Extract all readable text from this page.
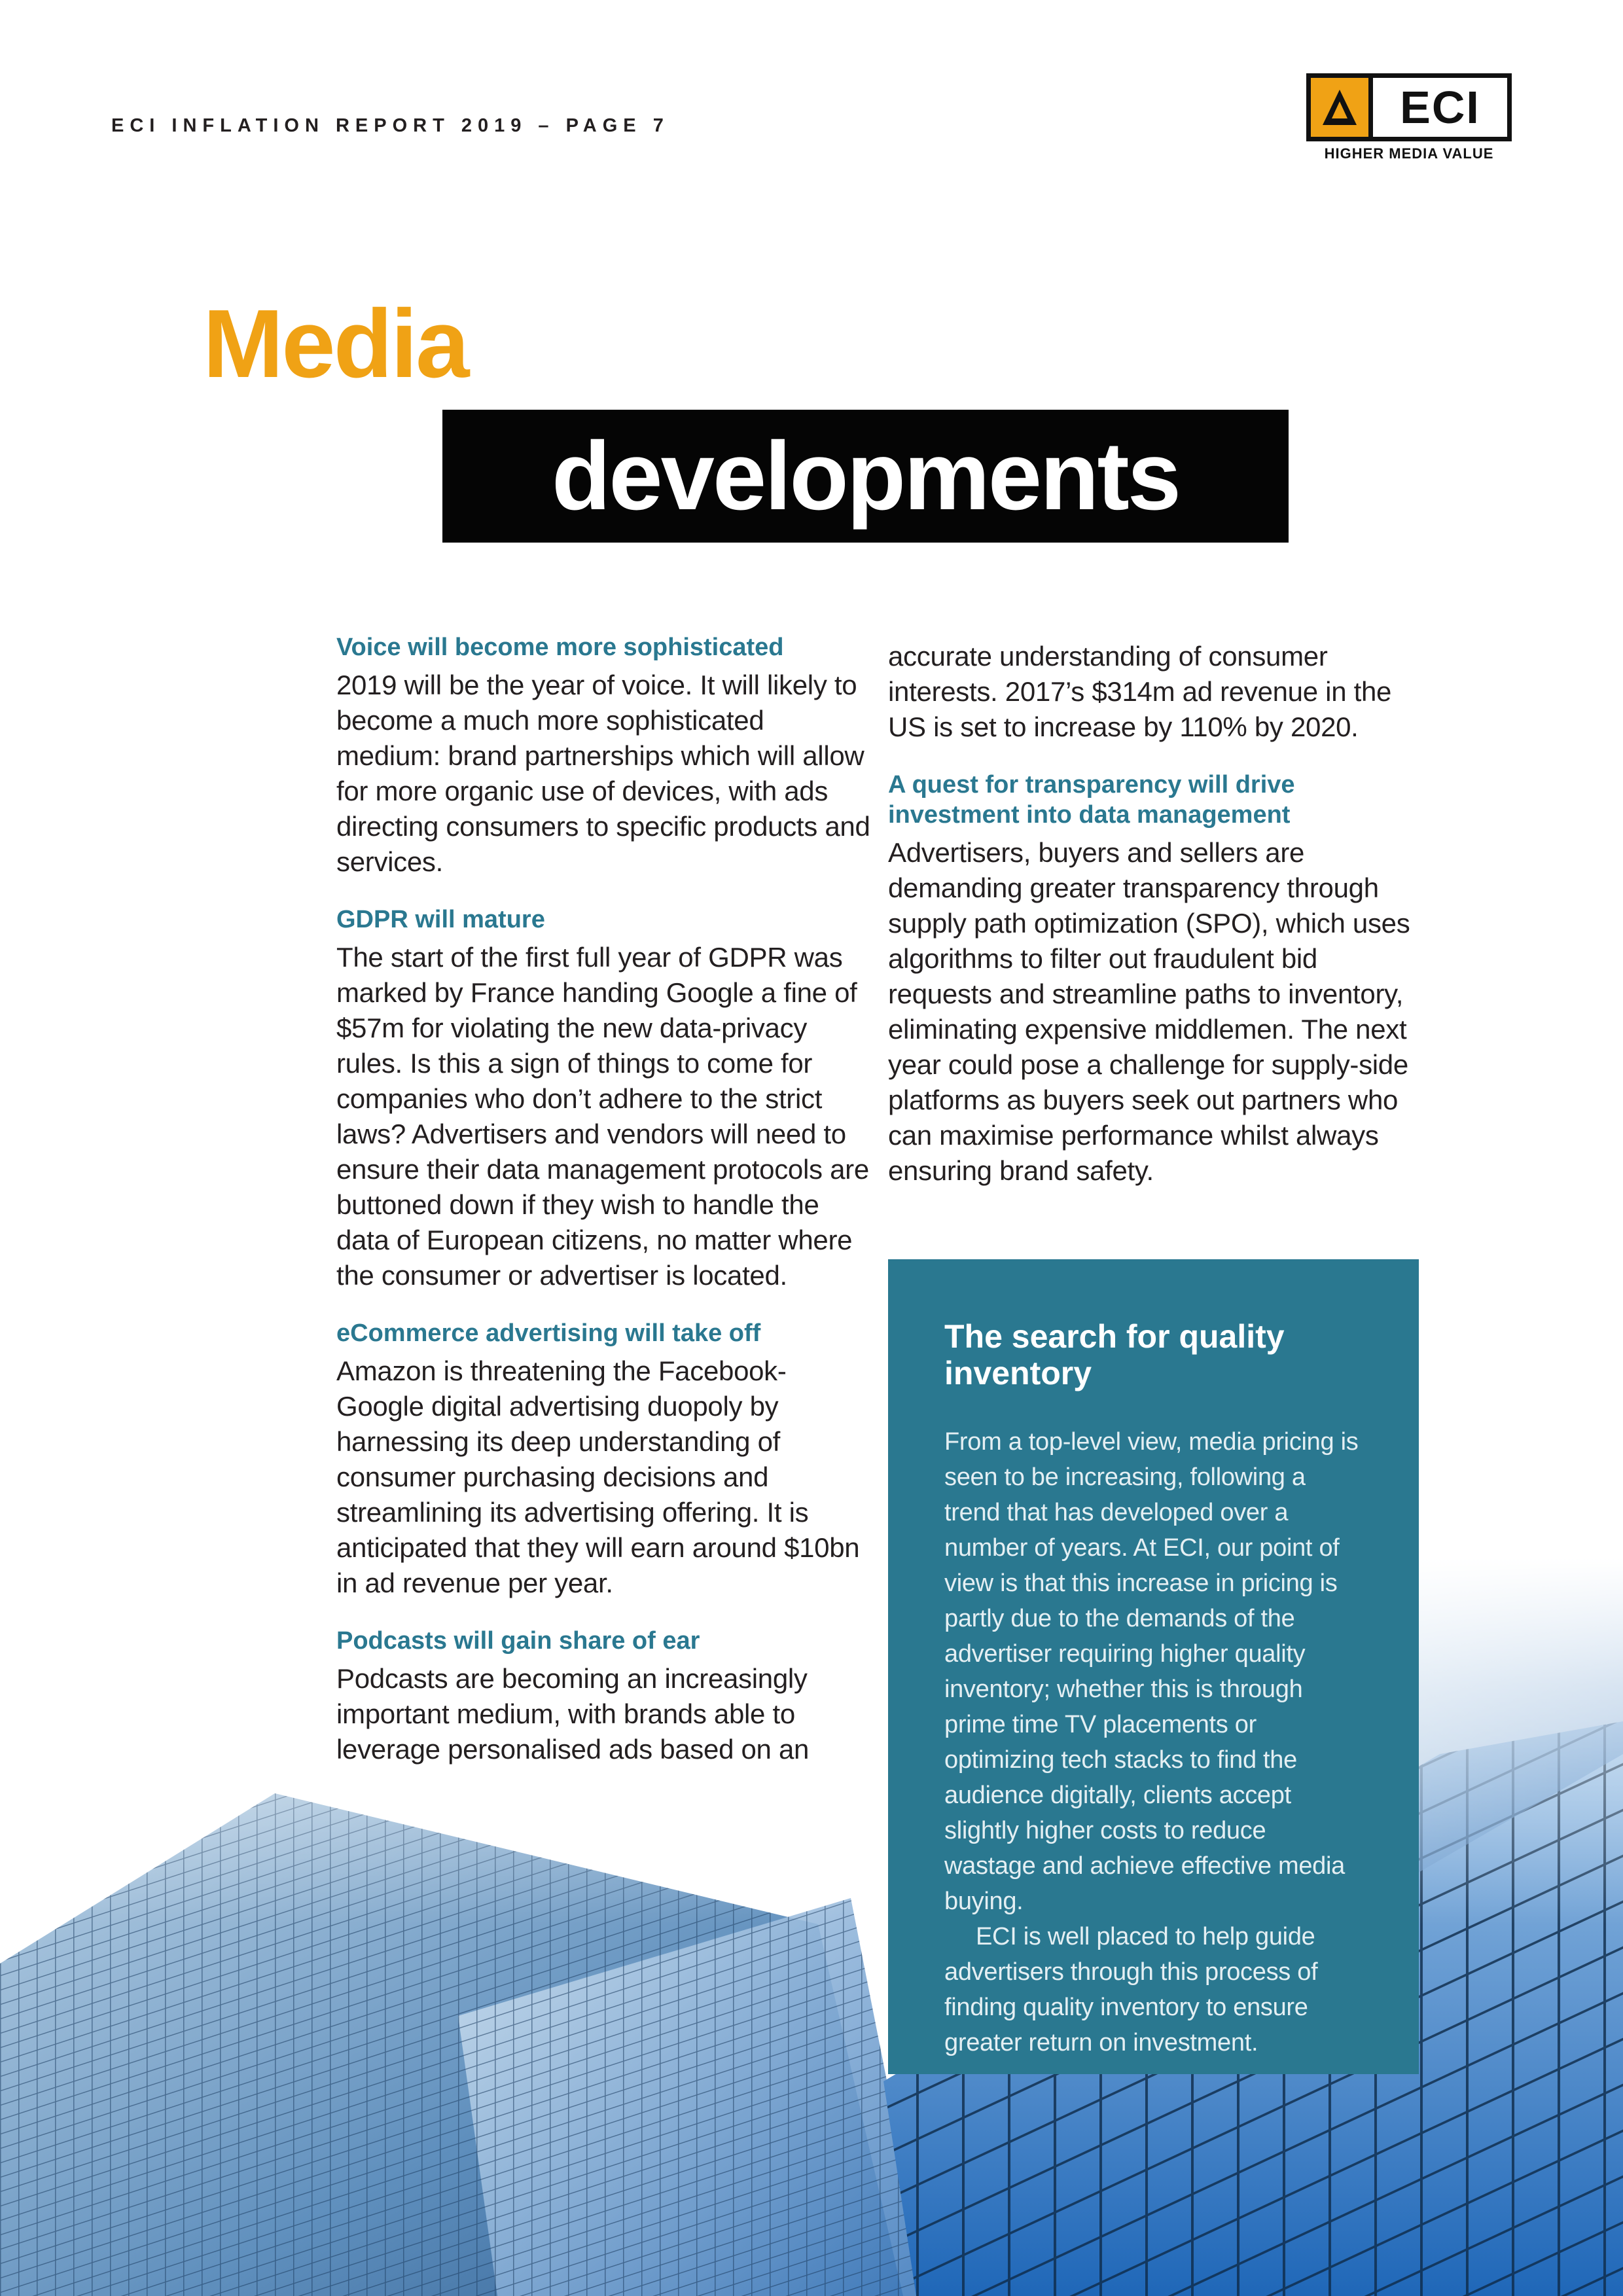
ECI INFLATION REPORT 2019 – PAGE 7	ECI
HIGHER MEDIA VALUE
Media
developments
Voice will become more sophisticated

2019 will be the year of voice. It will likely to become a much more sophisticated medium: brand partnerships which will allow for more organic use of devices, with ads directing consumers to specific products and services.

GDPR will mature

The start of the first full year of GDPR was marked by France handing Google a fine of $57m for violating the new data-privacy rules. Is this a sign of things to come for companies who don’t adhere to the strict laws? Advertisers and vendors will need to ensure their data management protocols are buttoned down if they wish to handle the data of European citizens, no matter where the consumer or advertiser is located.

eCommerce advertising will take off

Amazon is threatening the Facebook-Google digital advertising duopoly by harnessing its deep understanding of consumer purchasing decisions and streamlining its advertising offering. It is anticipated that they will earn around $10bn in ad revenue per year.

Podcasts will gain share of ear

Podcasts are becoming an increasingly important medium, with brands able to leverage personalised ads based on an

accurate understanding of consumer interests. 2017’s $314m ad revenue in the US is set to increase by 110% by 2020.

A quest for transparency will drive investment into data management

Advertisers, buyers and sellers are demanding greater transparency through supply path optimization (SPO), which uses algorithms to filter out fraudulent bid requests and streamline paths to inventory, eliminating expensive middlemen. The next year could pose a challenge for supply-side platforms as buyers seek out partners who can maximise performance whilst always ensuring brand safety.

The search for quality inventory

From a top-level view, media pricing is seen to be increasing, following a trend that has developed over a number of years. At ECI, our point of view is that this increase in pricing is partly due to the demands of the advertiser requiring higher quality inventory; whether this is through prime time TV placements or optimizing tech stacks to find the audience digitally, clients accept slightly higher costs to reduce wastage and achieve effective media buying.

ECI is well placed to help guide advertisers through this process of finding quality inventory to ensure greater return on investment.
